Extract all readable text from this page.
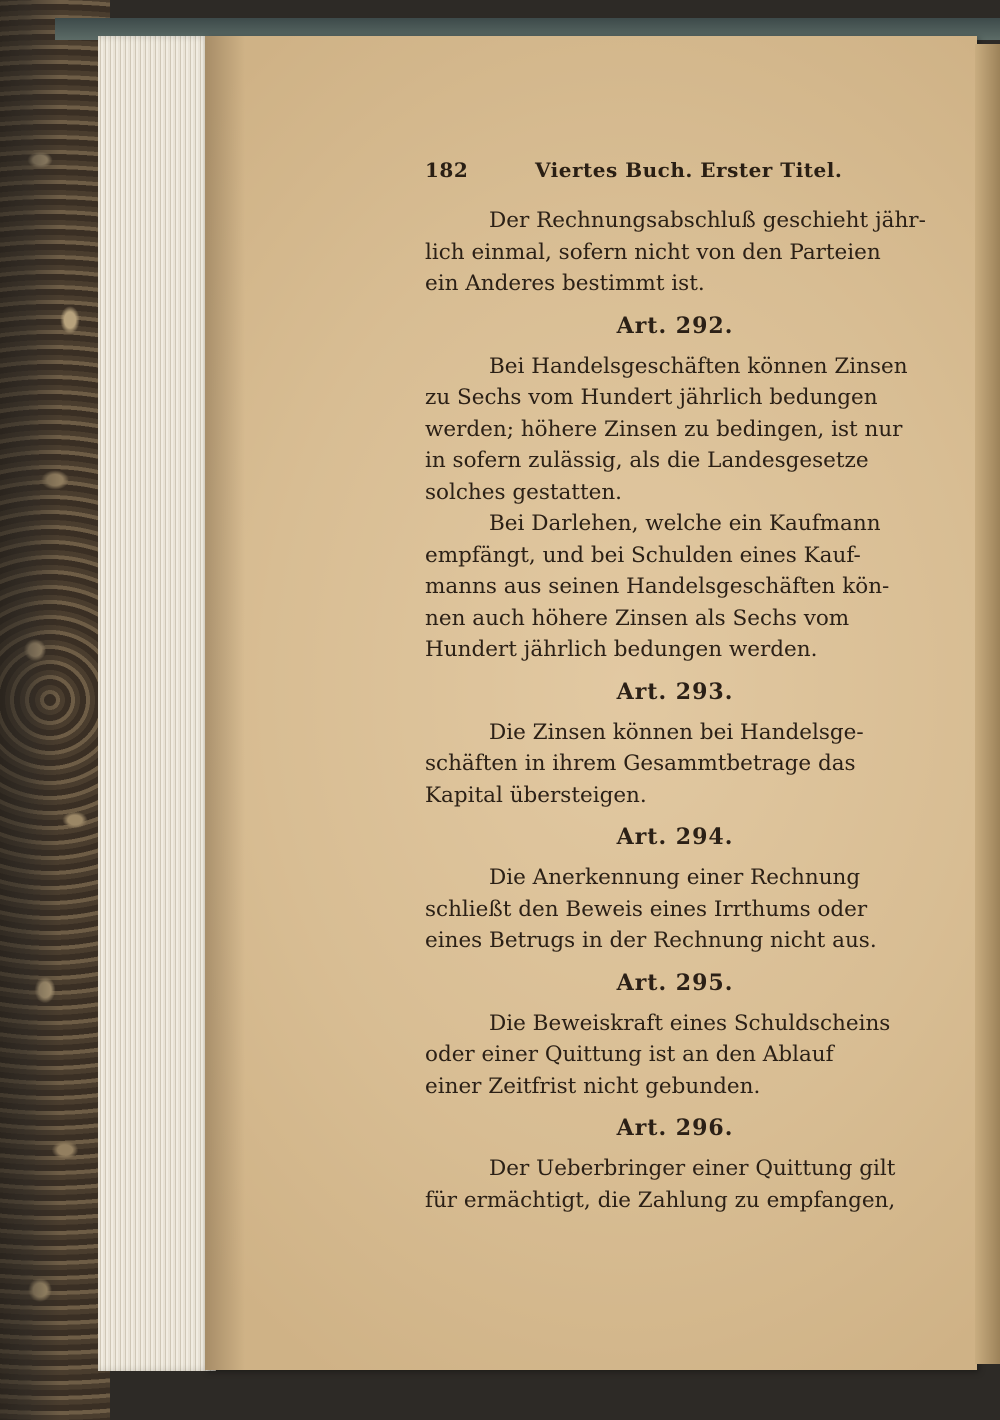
182	Viertes Buch. Erster Titel.
Der Rechnungsabschluß geschieht jähr-
lich einmal, sofern nicht von den Parteien
ein Anderes bestimmt ist.
Art. 292.
Bei Handelsgeschäften können Zinsen
zu Sechs vom Hundert jährlich bedungen
werden; höhere Zinsen zu bedingen, ist nur
in sofern zulässig, als die Landesgesetze
solches gestatten.
Bei Darlehen, welche ein Kaufmann
empfängt, und bei Schulden eines Kauf-
manns aus seinen Handelsgeschäften kön-
nen auch höhere Zinsen als Sechs vom
Hundert jährlich bedungen werden.
Art. 293.
Die Zinsen können bei Handelsge-
schäften in ihrem Gesammtbetrage das
Kapital übersteigen.
Art. 294.
Die Anerkennung einer Rechnung
schließt den Beweis eines Irrthums oder
eines Betrugs in der Rechnung nicht aus.
Art. 295.
Die Beweiskraft eines Schuldscheins
oder einer Quittung ist an den Ablauf
einer Zeitfrist nicht gebunden.
Art. 296.
Der Ueberbringer einer Quittung gilt
für ermächtigt, die Zahlung zu empfangen,
